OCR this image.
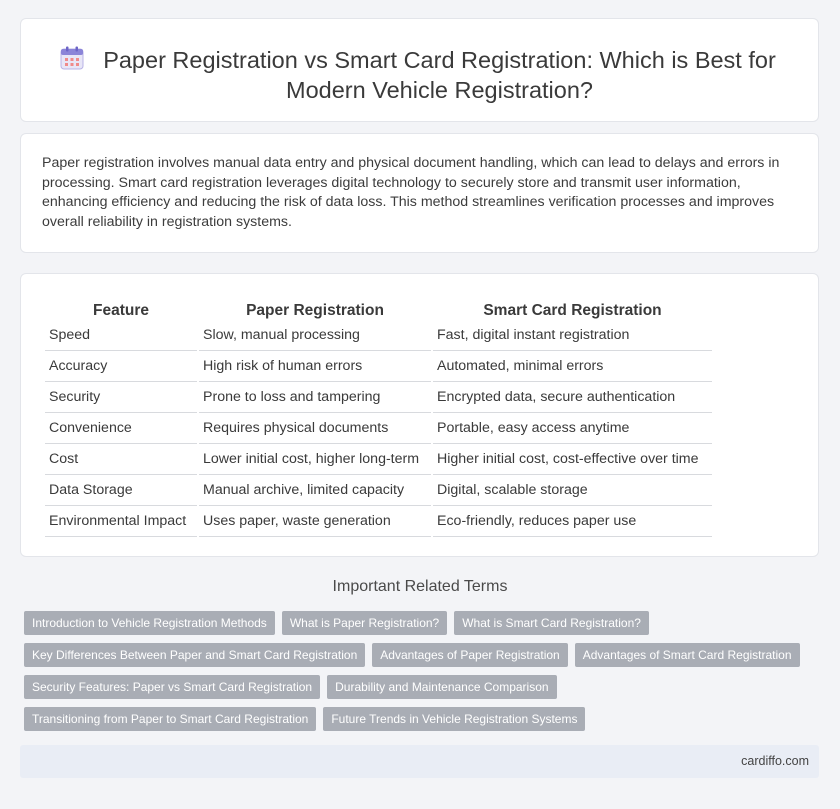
Paper Registration vs Smart Card Registration: Which is Best for Modern Vehicle Registration?

Paper registration involves manual data entry and physical document handling, which can lead to delays and errors in processing. Smart card registration leverages digital technology to securely store and transmit user information, enhancing efficiency and reducing the risk of data loss. This method streamlines verification processes and improves overall reliability in registration systems.

Feature	Paper Registration	Smart Card Registration
Speed	Slow, manual processing	Fast, digital instant registration
Accuracy	High risk of human errors	Automated, minimal errors
Security	Prone to loss and tampering	Encrypted data, secure authentication
Convenience	Requires physical documents	Portable, easy access anytime
Cost	Lower initial cost, higher long-term	Higher initial cost, cost-effective over time
Data Storage	Manual archive, limited capacity	Digital, scalable storage
Environmental Impact	Uses paper, waste generation	Eco-friendly, reduces paper use
Important Related Terms
Introduction to Vehicle Registration Methods	What is Paper Registration?	What is Smart Card Registration?
Key Differences Between Paper and Smart Card Registration	Advantages of Paper Registration	Advantages of Smart Card Registration
Security Features: Paper vs Smart Card Registration	Durability and Maintenance Comparison
Transitioning from Paper to Smart Card Registration	Future Trends in Vehicle Registration Systems
cardiffo.com
